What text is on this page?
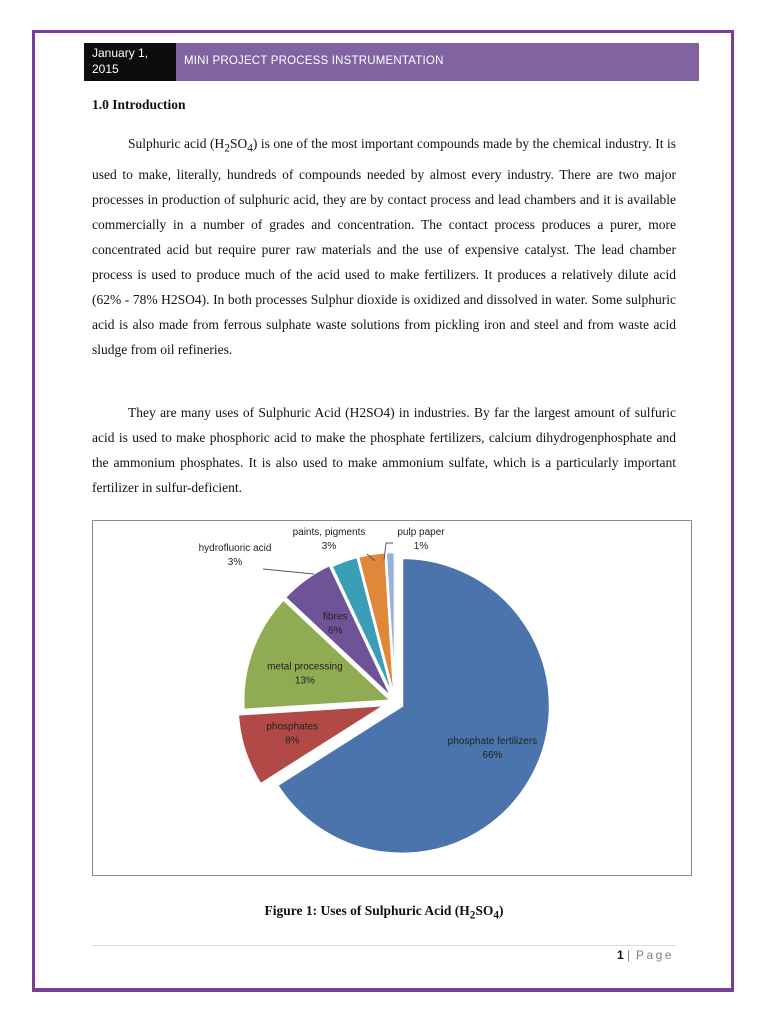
January 1,
2015
MINI PROJECT PROCESS INSTRUMENTATION
1.0 Introduction
Sulphuric acid $(H_2SO_4)$ is one of the most important compounds made by the chemical industry. It is used to make, literally, hundreds of compounds needed by almost every industry. There are two major processes in production of sulphuric acid, they are by contact process and lead chambers and it is available commercially in a number of grades and concentration. The contact process produces a purer, more concentrated acid but require purer raw materials and the use of expensive catalyst. The lead chamber process is used to produce much of the acid used to make fertilizers. It produces a relatively dilute acid (62% - 78% H2SO4). In both processes Sulphur dioxide is oxidized and dissolved in water. Some sulphuric acid is also made from ferrous sulphate waste solutions from pickling iron and steel and from waste acid sludge from oil refineries.
They are many uses of Sulphuric Acid (H2SO4) in industries. By far the largest amount of sulfuric acid is used to make phosphoric acid to make the phosphate fertilizers, calcium dihydrogenphosphate and the ammonium phosphates. It is also used to make ammonium sulfate, which is a particularly important fertilizer in sulfur-deficient.
phosphate fertilizers
66%
phosphates
8%
metal processing
13%
fibres
6%
hydrofluoric acid
3%
paints, pigments
3%
pulp paper
1%
Figure 1: Uses of Sulphuric Acid $(H_2SO_4)$
1 | Page
